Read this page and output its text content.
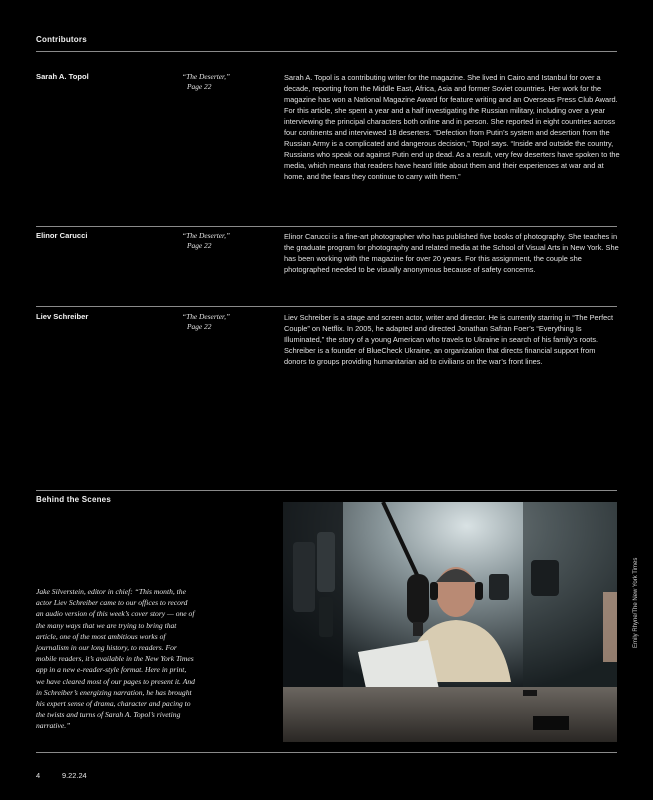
Contributors
Sarah A. Topol	“The Deserter,”
Page 22
Sarah A. Topol is a contributing writer for the magazine. She lived in Cairo and Istanbul for over a decade, reporting from the Middle East, Africa, Asia and former Soviet countries. Her work for the magazine has won a National Magazine Award for feature writing and an Overseas Press Club Award. For this article, she spent a year and a half investigating the Russian military, including over a year interviewing the principal characters both online and in person. She reported in eight countries across four continents and interviewed 18 deserters. “Defection from Putin’s system and desertion from the Russian Army is a complicated and dangerous decision,” Topol says. “Inside and outside the country, Russians who speak out against Putin end up dead. As a result, very few deserters have spoken to the media, which means that readers have heard little about them and their experiences at war and at home, and the fears they continue to carry with them.”
Elinor Carucci	“The Deserter,”
Page 22
Elinor Carucci is a fine-art photographer who has published five books of photography. She teaches in the graduate program for photography and related media at the School of Visual Arts in New York. She has been working with the magazine for over 20 years. For this assignment, the couple she photographed needed to be visually anonymous because of safety concerns.
Liev Schreiber	“The Deserter,”
Page 22
Liev Schreiber is a stage and screen actor, writer and director. He is currently starring in “The Perfect Couple” on Netflix. In 2005, he adapted and directed Jonathan Safran Foer’s “Everything Is Illuminated,” the story of a young American who travels to Ukraine in search of his family’s roots. Schreiber is a founder of BlueCheck Ukraine, an organization that directs financial support from donors to groups providing humanitarian aid to civilians on the war’s front lines.
Behind the Scenes
Jake Silverstein, editor in chief: “This month, the actor Liev Schreiber came to our offices to record an audio version of this week’s cover story — one of the many ways that we are trying to bring that article, one of the most ambitious works of journalism in our long history, to readers. For mobile readers, it’s available in the New York Times app in a new e-reader-style format. Here in print, we have cleared most of our pages to present it. And in Schreiber’s energizing narration, he has brought his expert sense of drama, character and pacing to the twists and turns of Sarah A. Topol’s riveting narrative.”
Emily Rhyne/The New York Times
4	9.22.24
